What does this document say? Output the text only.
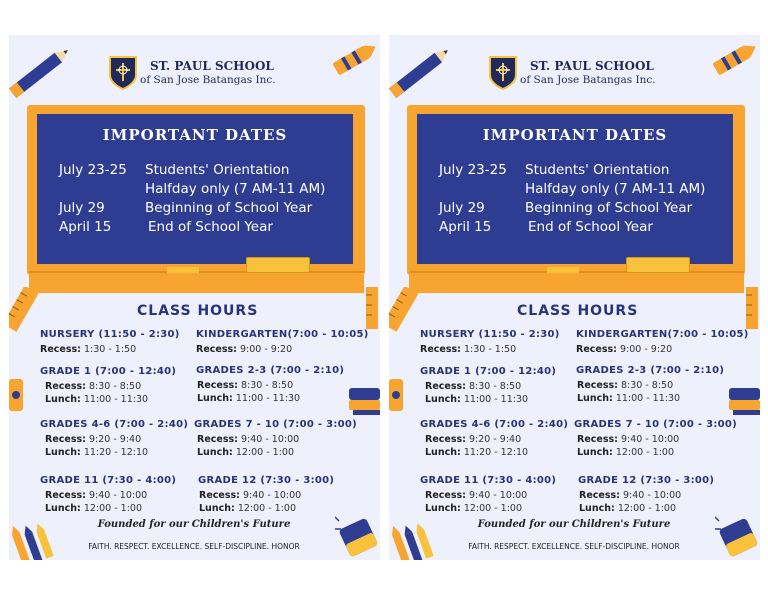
ST. PAUL SCHOOL
of San Jose Batangas Inc.
IMPORTANT DATES
July 23-25 Students' Orientation
Halfday only (7 AM-11 AM)
July 29	Beginning of School Year
April 15	End of School Year
CLASS HOURS
NURSERY (11:50 - 2:30)
Recess: 1:30 - 1:50
KINDERGARTEN(7:00 - 10:05)
Recess: 9:00 - 9:20
GRADE 1 (7:00 - 12:40)
Recess: 8:30 - 8:50
Lunch: 11:00 - 11:30
GRADES 2-3 (7:00 - 2:10)
Recess: 8:30 - 8:50
Lunch: 11:00 - 11:30
GRADES 4-6 (7:00 - 2:40)
Recess: 9:20 - 9:40
Lunch: 11:20 - 12:10
GRADES 7 - 10 (7:00 - 3:00)
Recess: 9:40 - 10:00
Lunch: 12:00 - 1:00
GRADE 11 (7:30 - 4:00)
Recess: 9:40 - 10:00
Lunch: 12:00 - 1:00
GRADE 12 (7:30 - 3:00)
Recess: 9:40 - 10:00
Lunch: 12:00 - 1:00
Founded for our Children's Future
FAITH. RESPECT. EXCELLENCE. SELF-DISCIPLINE. HONOR
ST. PAUL SCHOOL
of San Jose Batangas Inc.
IMPORTANT DATES
July 23-25 Students' Orientation
Halfday only (7 AM-11 AM)
July 29	Beginning of School Year
April 15	End of School Year
CLASS HOURS
NURSERY (11:50 - 2:30)
Recess: 1:30 - 1:50
KINDERGARTEN(7:00 - 10:05)
Recess: 9:00 - 9:20
GRADE 1 (7:00 - 12:40)
Recess: 8:30 - 8:50
Lunch: 11:00 - 11:30
GRADES 2-3 (7:00 - 2:10)
Recess: 8:30 - 8:50
Lunch: 11:00 - 11:30
GRADES 4-6 (7:00 - 2:40)
Recess: 9:20 - 9:40
Lunch: 11:20 - 12:10
GRADES 7 - 10 (7:00 - 3:00)
Recess: 9:40 - 10:00
Lunch: 12:00 - 1:00
GRADE 11 (7:30 - 4:00)
Recess: 9:40 - 10:00
Lunch: 12:00 - 1:00
GRADE 12 (7:30 - 3:00)
Recess: 9:40 - 10:00
Lunch: 12:00 - 1:00
Founded for our Children's Future
FAITH. RESPECT. EXCELLENCE. SELF-DISCIPLINE. HONOR
